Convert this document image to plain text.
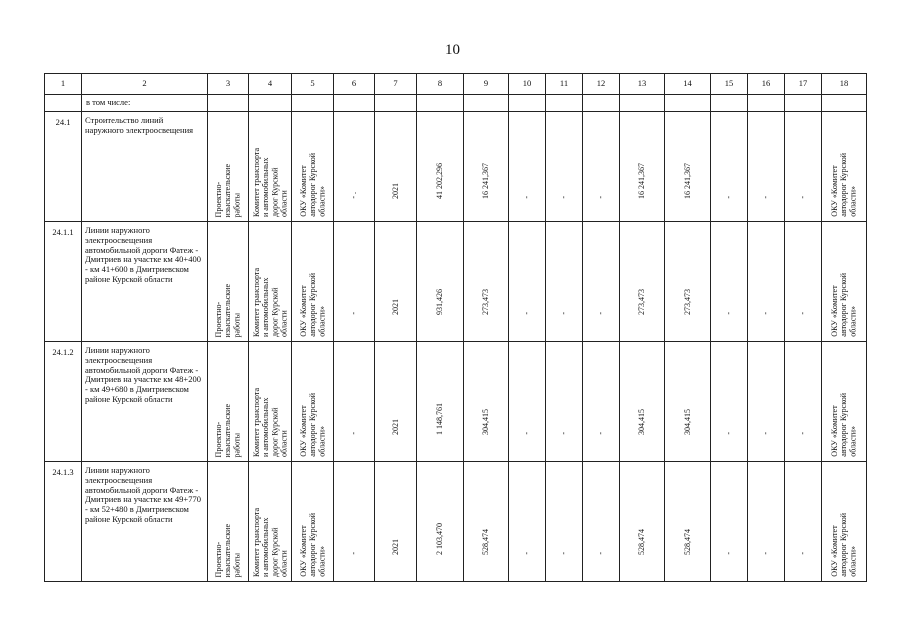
10
1	2	3	4	5	6	7	8	9	10	11	12	13	14	15	16	17	18
	в том числе:																
24.1	Строительство линий наружного электроосвещения	Проектно-
изыскательские
работы	Комитет транспорта
и автомобильных
дорог Курской
области	ОКУ «Комитет
автодорог Курской
области»	- .	2021	41 202,296	16 241,367	-	-	-	16 241,367	16 241,367	-	-	-	ОКУ «Комитет
автодорог Курской
области»

24.1.1	Линии наружного электроосвещения автомобильной дороги Фатеж - Дмитриев на участке км 40+400 - км 41+600 в Дмитриевском районе Курской области	Проектно-
изыскательские
работы	Комитет транспорта
и автомобильных
дорог Курской
области	ОКУ «Комитет
автодорог Курской
области»	-	2021	931,426	273,473	-	-	-	273,473	273,473	-	-	-	ОКУ «Комитет
автодорог Курской
области»

24.1.2	Линии наружного электроосвещения автомобильной дороги Фатеж - Дмитриев на участке км 48+200 - км 49+680 в Дмитриевском районе Курской области	Проектно-
изыскательские
работы	Комитет транспорта
и автомобильных
дорог Курской
области	ОКУ «Комитет
автодорог Курской
области»	-	2021	1 148,761	304,415	-	-	-	304,415	304,415	-	-	-	ОКУ «Комитет
автодорог Курской
области»

24.1.3	Линии наружного электроосвещения автомобильной дороги Фатеж - Дмитриев на участке км 49+770 - км 52+480 в Дмитриевском районе Курской области	Проектно-
изыскательские
работы	Комитет транспорта
и автомобильных
дорог Курской
области	ОКУ «Комитет
автодорог Курской
области»	-	2021	2 103,470	528,474	-	-	-	528,474	528,474	-	-	-	ОКУ «Комитет
автодорог Курской
области»
